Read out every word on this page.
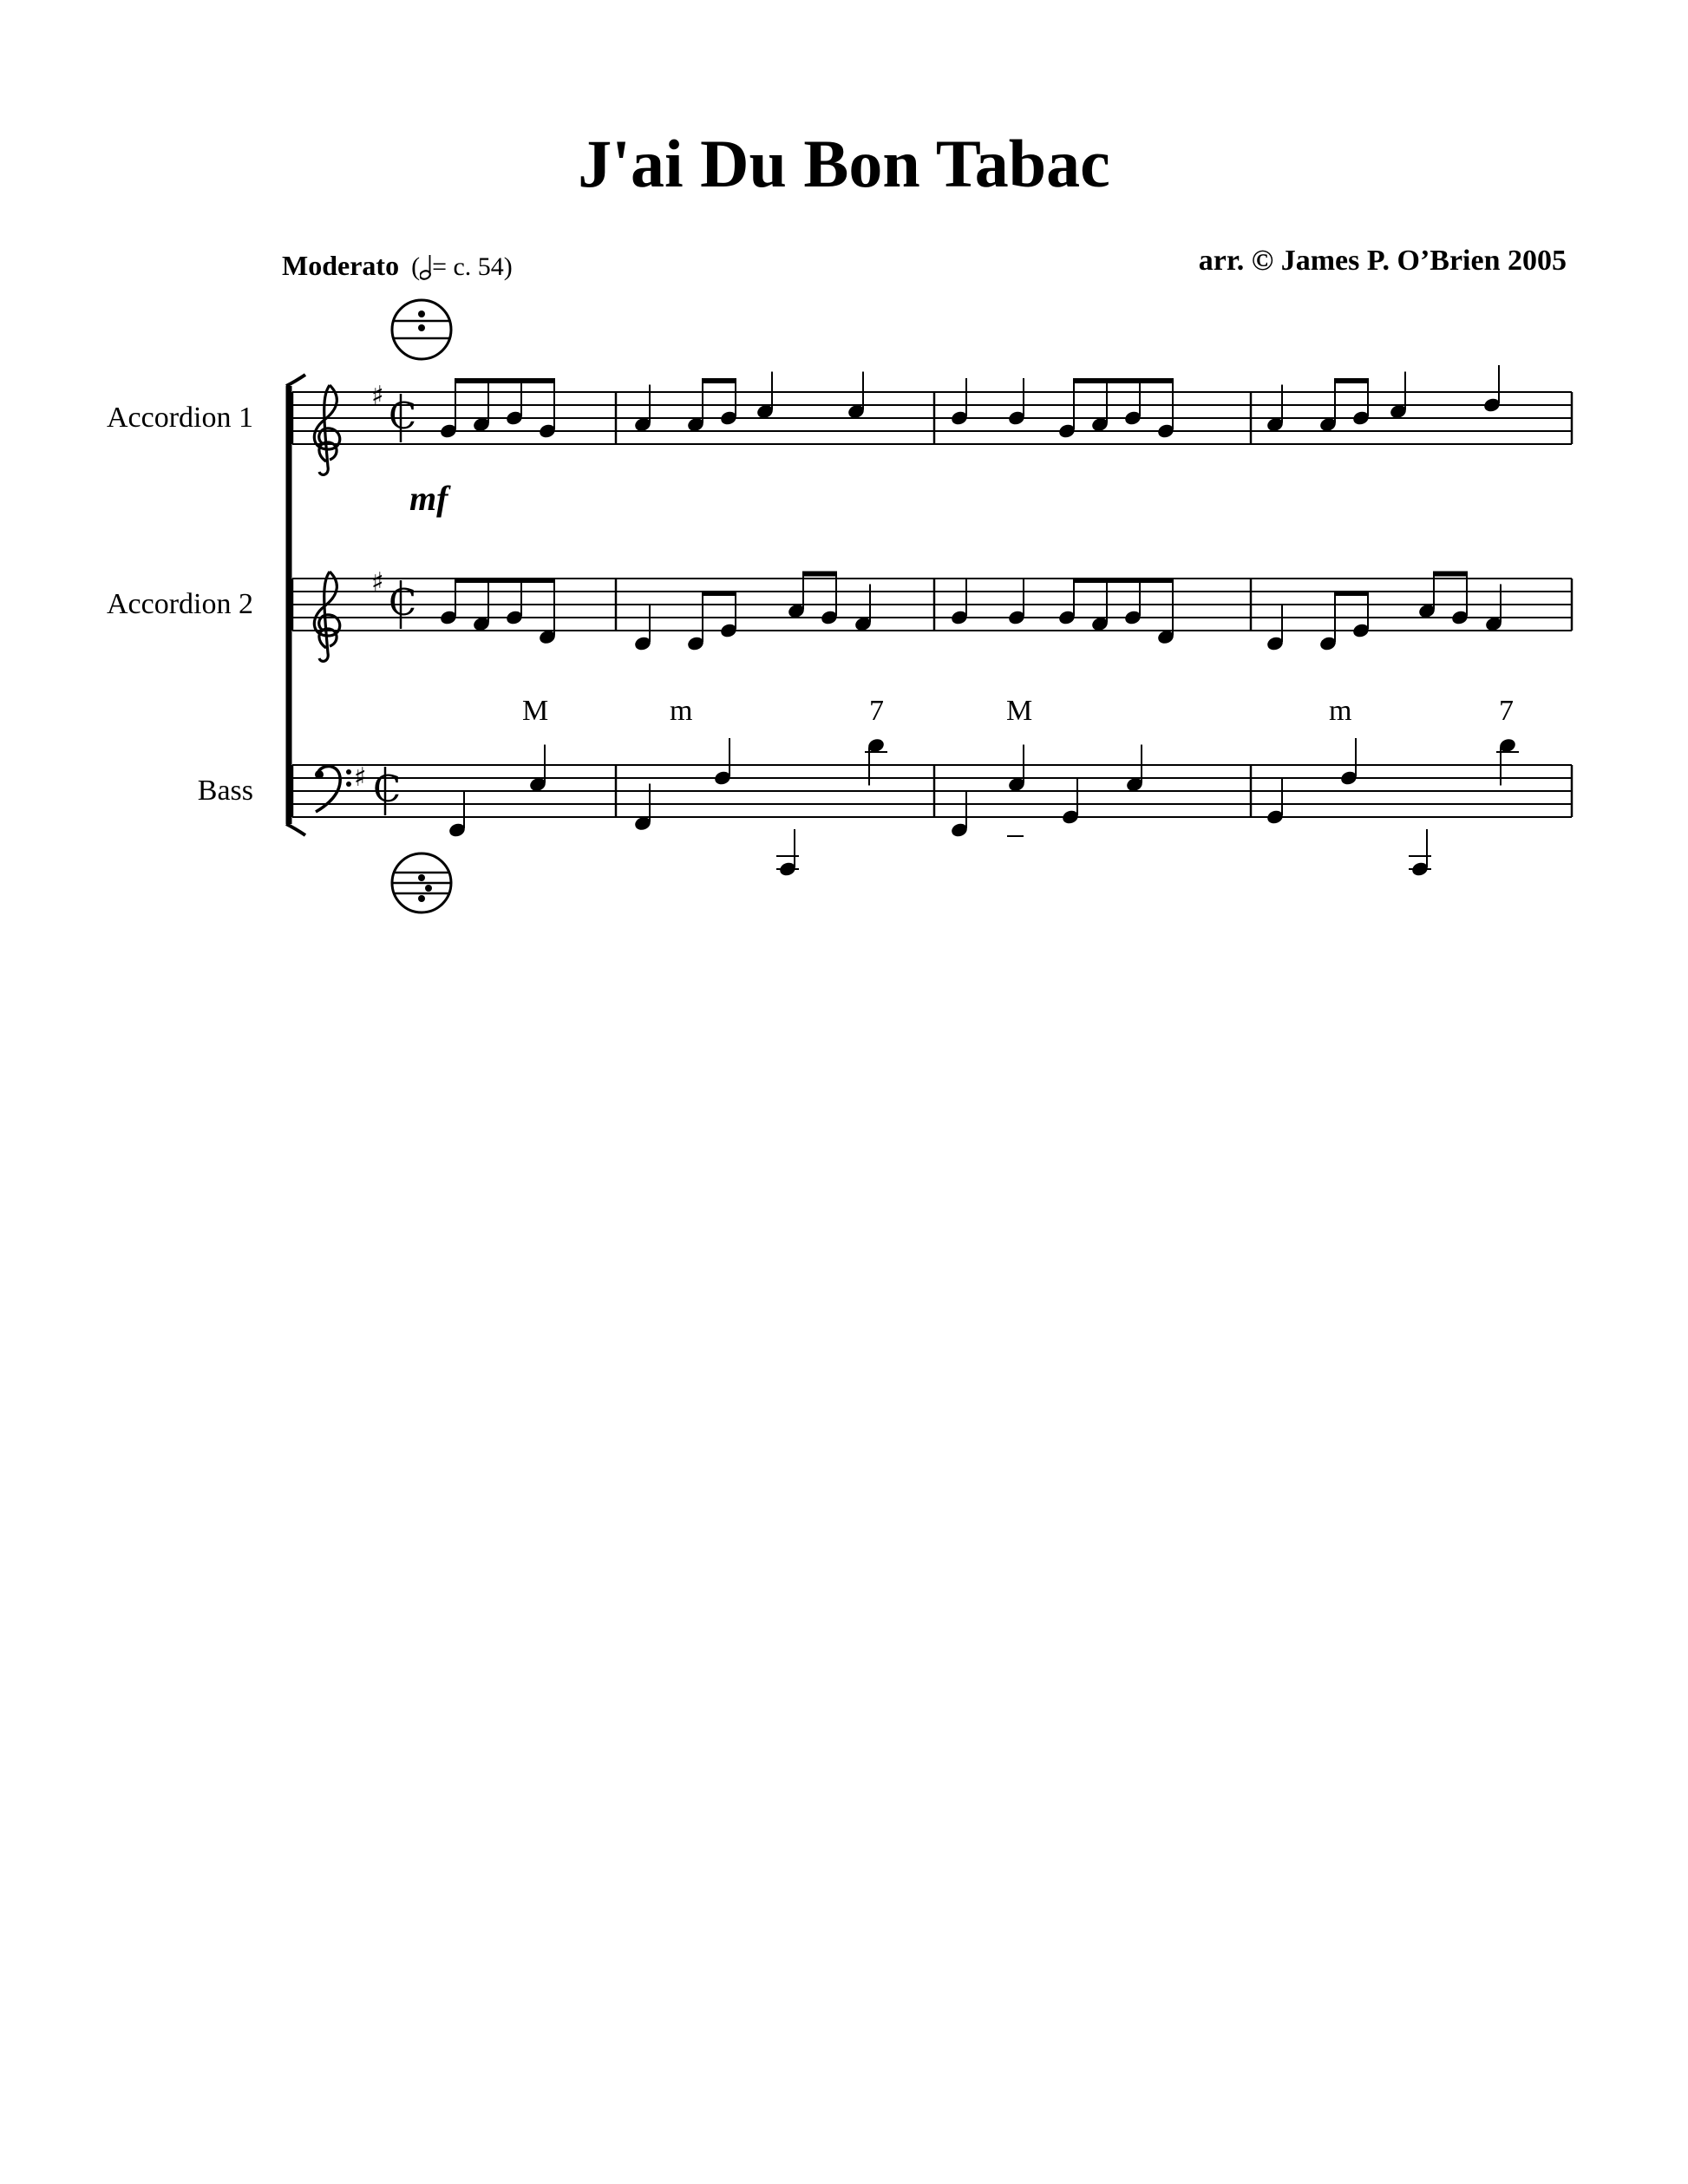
J'ai Du Bon Tabac
Moderato ( = c. 54)	arr. © James P. O’Brien 2005
Accordion 1
Accordion 2
Bass
♯ C
♯ C
♯ C
mf
M	m	7	M	m	7
